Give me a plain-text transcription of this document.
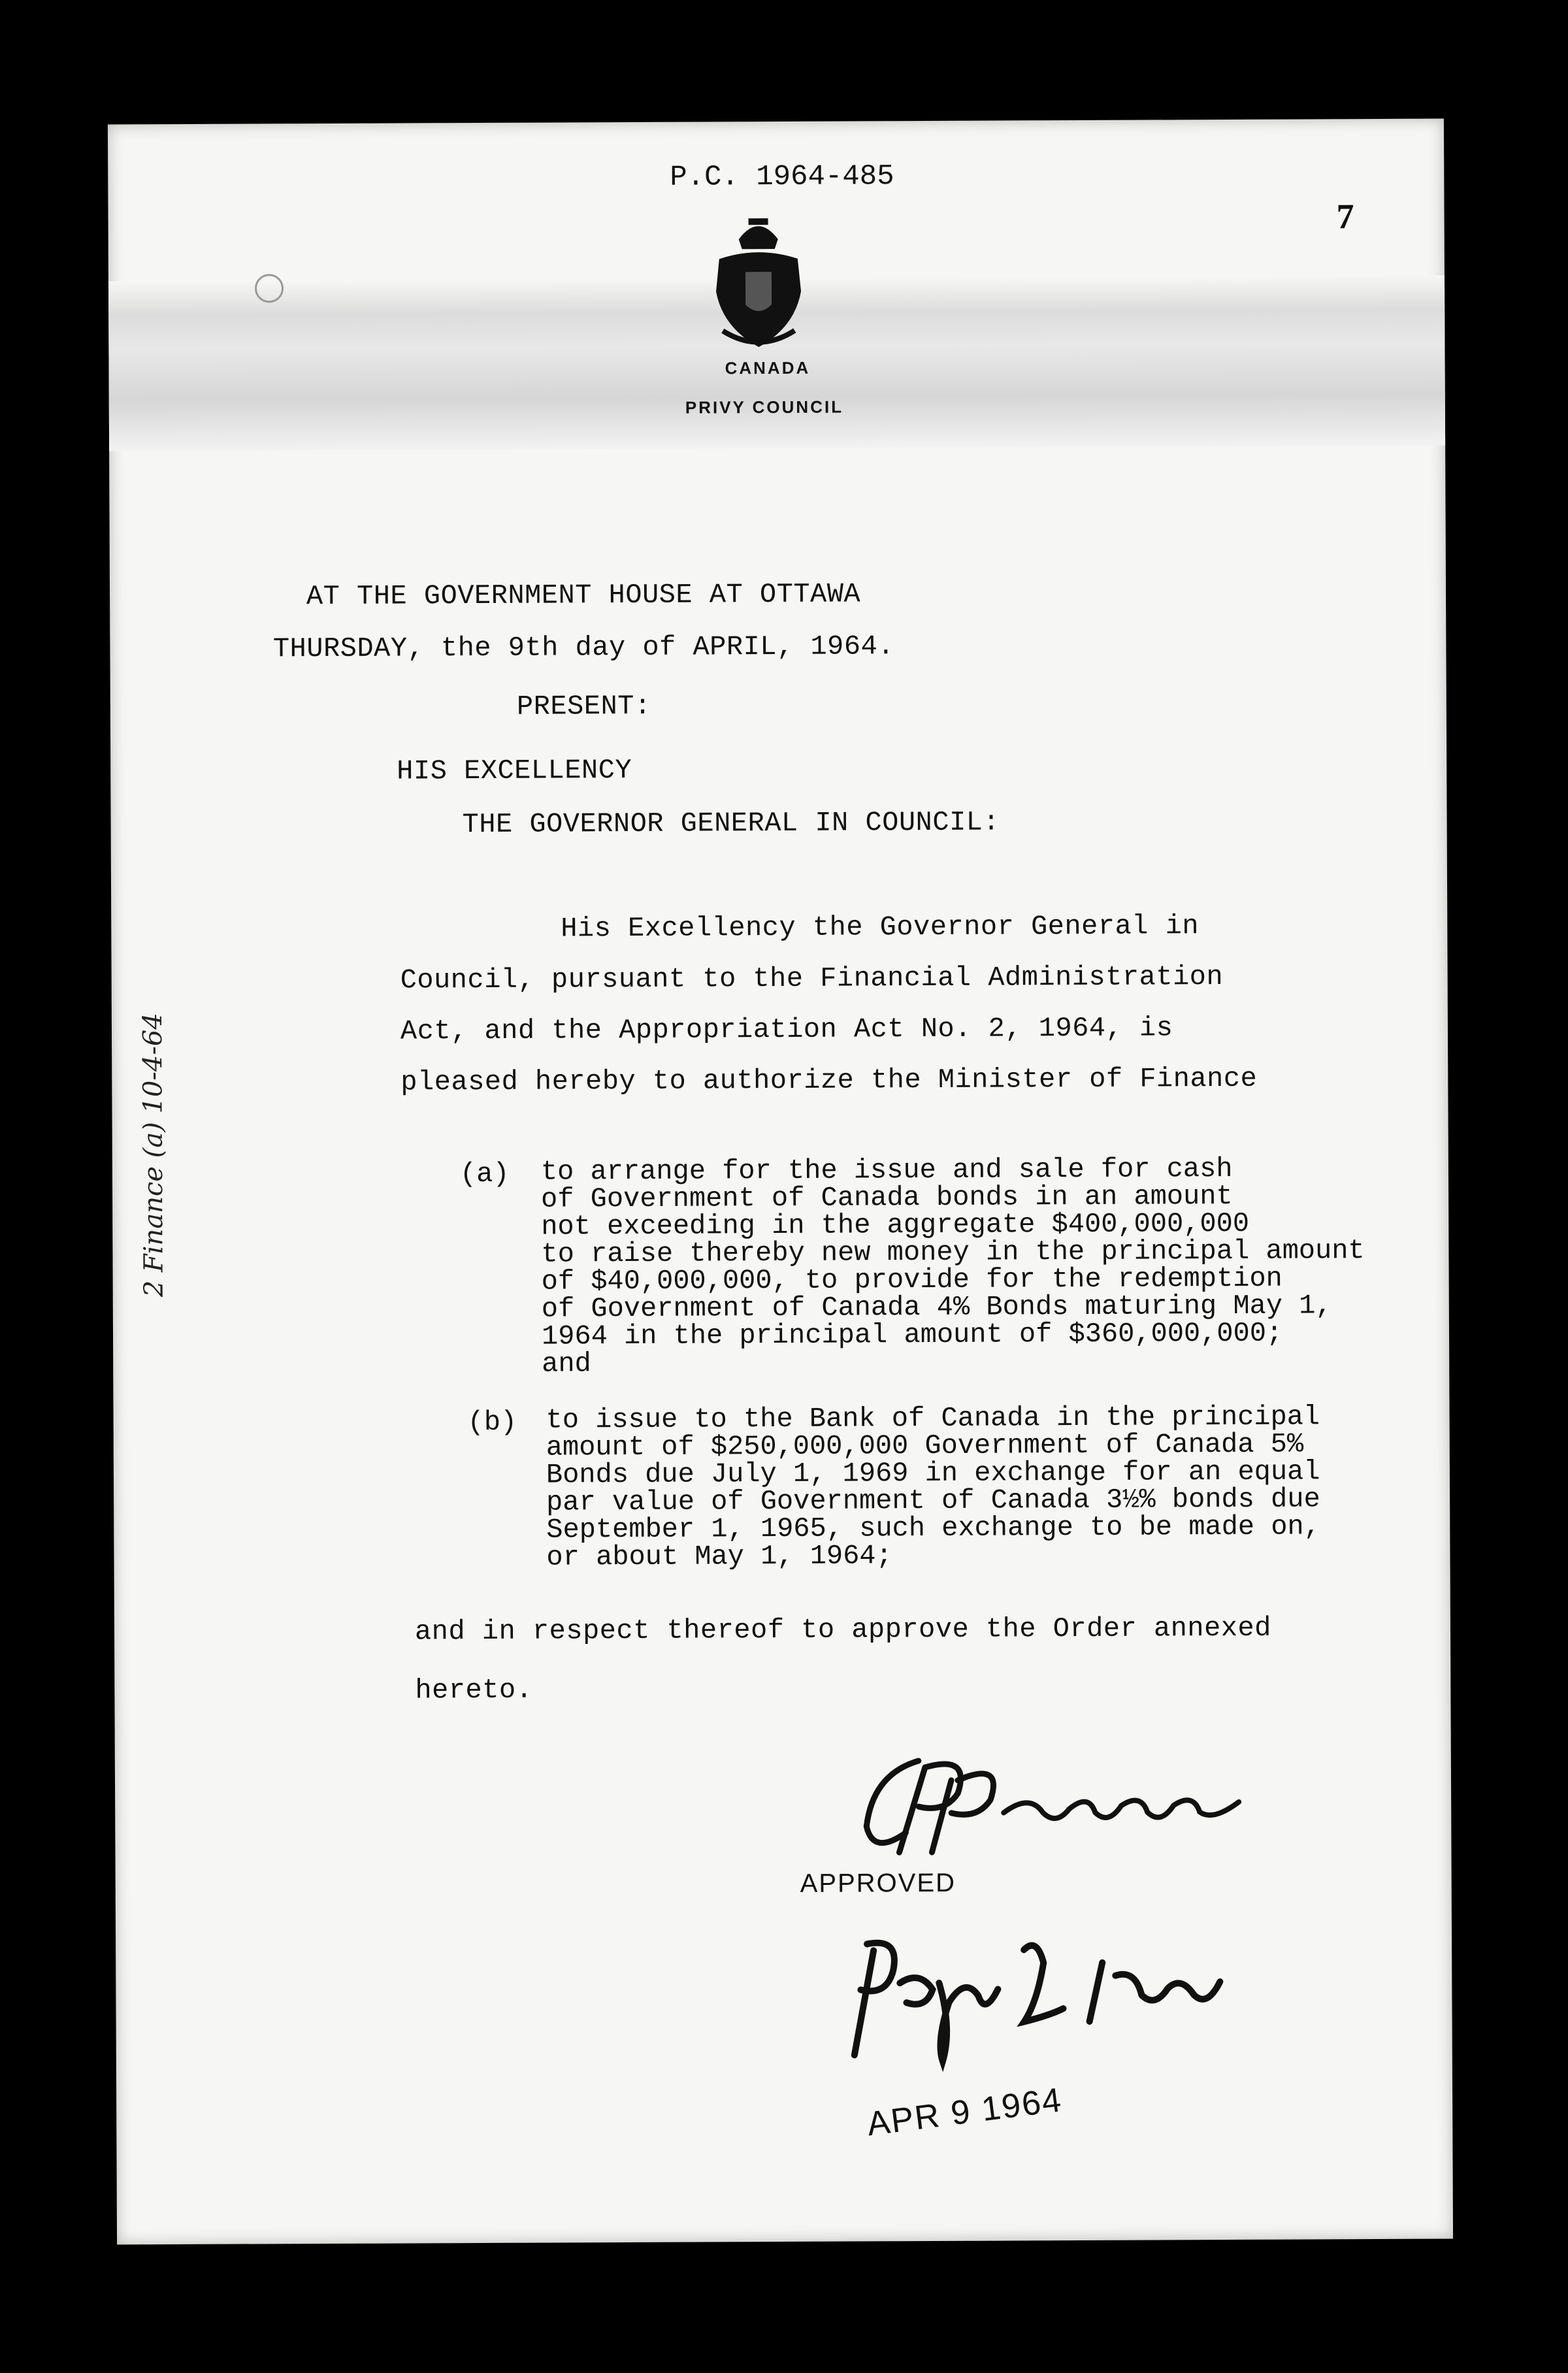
P.C. 1964-485
7
CANADA
PRIVY COUNCIL
AT THE GOVERNMENT HOUSE AT OTTAWA
THURSDAY, the 9th day of APRIL, 1964.
PRESENT:
HIS EXCELLENCY
THE GOVERNOR GENERAL IN COUNCIL:
His Excellency the Governor General in
Council, pursuant to the Financial Administration
Act, and the Appropriation Act No. 2, 1964, is
pleased hereby to authorize the Minister of Finance
(a) to arrange for the issue and sale for cash
of Government of Canada bonds in an amount
not exceeding in the aggregate $400,000,000
to raise thereby new money in the principal amount
of $40,000,000, to provide for the redemption
of Government of Canada 4% Bonds maturing May 1,
1964 in the principal amount of $360,000,000;
and
(b) to issue to the Bank of Canada in the principal
amount of $250,000,000 Government of Canada 5%
Bonds due July 1, 1969 in exchange for an equal
par value of Government of Canada 3½% bonds due
September 1, 1965, such exchange to be made on,
or about May 1, 1964;
and in respect thereof to approve the Order annexed
hereto.
2 Finance (a) 10-4-64
APPROVED
APR 9 1964
